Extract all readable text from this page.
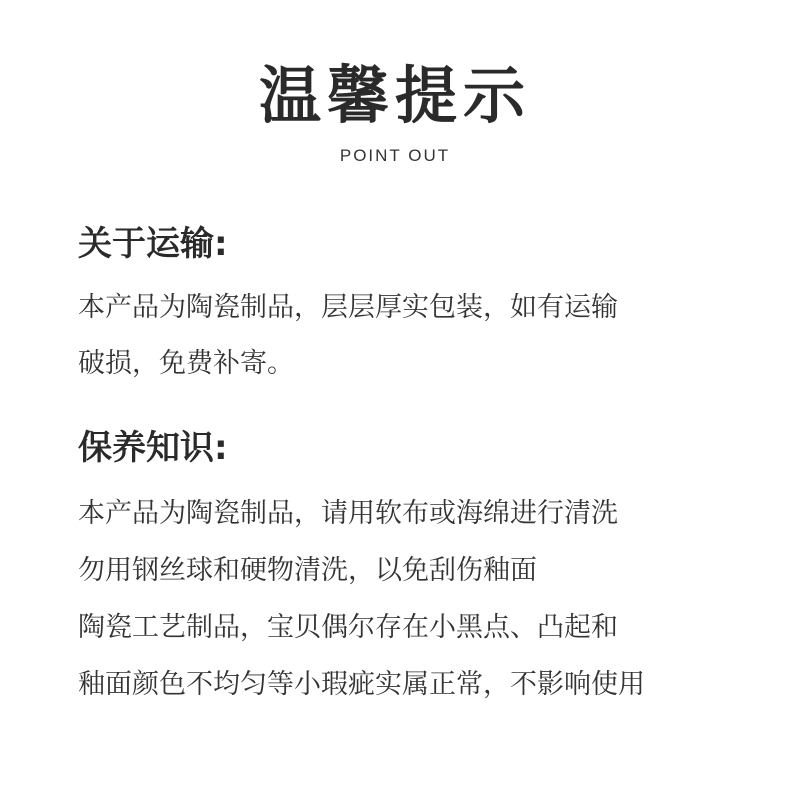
温馨提示
POINT OUT

关于运输:

本产品为陶瓷制品，层层厚实包装，如有运输

破损，免费补寄。

保养知识:

本产品为陶瓷制品，请用软布或海绵进行清洗

勿用钢丝球和硬物清洗，以免刮伤釉面

陶瓷工艺制品，宝贝偶尔存在小黑点、凸起和

釉面颜色不均匀等小瑕疵实属正常，不影响使用
